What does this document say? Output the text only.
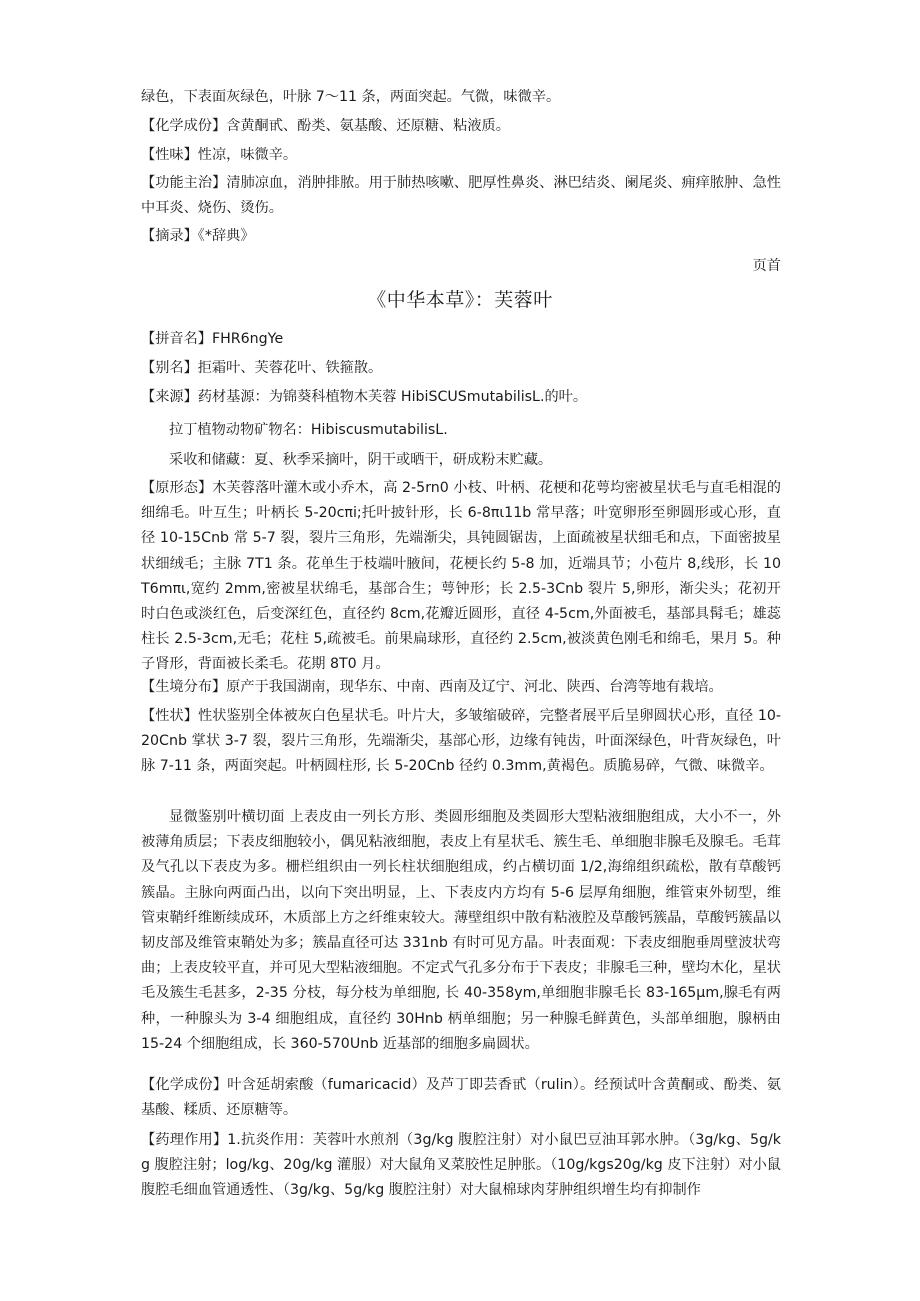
绿色，下表面灰绿色，叶脉 7～11 条，两面突起。气微，味微辛。

【化学成份】含黄酮甙、酚类、氨基酸、还原糖、粘液质。

【性味】性凉，味微辛。

【功能主治】清肺凉血，消肿排脓。用于肺热咳嗽、肥厚性鼻炎、淋巴结炎、阑尾炎、痈痒脓肿、急性中耳炎、烧伤、烫伤。

【摘录】《*辞典》

页首
《中华本草》：芙蓉叶

【拼音名】FHR6ngYe

【别名】拒霜叶、芙蓉花叶、铁箍散。

【来源】药材基源：为锦葵科植物木芙蓉 HibiSCUSmutabilisL.的叶。

拉丁植物动物矿物名：HibiscusmutabilisL.

采收和储藏：夏、秋季采摘叶，阴干或晒干，研成粉末贮藏。

【原形态】木芙蓉落叶灌木或小乔木，高 2-5rn0 小枝、叶柄、花梗和花萼均密被星状毛与直毛相混的细绵毛。叶互生；叶柄长 5-20cπi;托叶披针形，长 6-8πι11b 常早落；叶宽卵形至卵圆形或心形，直径 10-15Cnb 常 5-7 裂，裂片三角形，先端渐尖，具钝圆锯齿，上面疏被星状细毛和点，下面密披星状细绒毛；主脉 7T1 条。花单生于枝端叶腋间，花梗长约 5-8 加，近端具节；小苞片 8,线形，长 10T6mπι,宽约 2mm,密被星状绵毛，基部合生；萼钟形；长 2.5-3Cnb 裂片 5,卵形，渐尖头；花初开时白色或淡红色，后变深红色，直径约 8cm,花瓣近圆形，直径 4-5cm,外面被毛，基部具髯毛；雄蕊柱长 2.5-3cm,无毛；花柱 5,疏被毛。前果扁球形，直径约 2.5cm,被淡黄色刚毛和绵毛，果月 5。种子肾形，背面被长柔毛。花期 8T0 月。

【生境分布】原产于我国湖南，现华东、中南、西南及辽宁、河北、陕西、台湾等地有栽培。

【性状】性状鉴别全体被灰白色星状毛。叶片大，多皱缩破碎，完整者展平后呈卵圆状心形，直径 10-20Cnb 掌状 3-7 裂，裂片三角形，先端渐尖，基部心形，边缘有钝齿，叶面深绿色，叶背灰绿色，叶脉 7-11 条，两面突起。叶柄圆柱形, 长 5-20Cnb 径约 0.3mm,黄褐色。质脆易碎，气微、味微辛。

显微鉴别叶横切面 上表皮由一列长方形、类圆形细胞及类圆形大型粘液细胞组成，大小不一，外被薄角质层；下表皮细胞较小，偶见粘液细胞，表皮上有星状毛、簇生毛、单细胞非腺毛及腺毛。毛茸及气孔以下表皮为多。栅栏组织由一列长柱状细胞组成，约占横切面 1/2,海绵组织疏松，散有草酸钙簇晶。主脉向两面凸出，以向下突出明显，上、下表皮内方均有 5-6 层厚角细胞，维管束外韧型，维管束鞘纤维断续成环，木质部上方之纤维束较大。薄壁组织中散有粘液腔及草酸钙簇晶，草酸钙簇晶以韧皮部及维管束鞘处为多；簇晶直径可达 331nb 有时可见方晶。叶表面观：下表皮细胞垂周壁波状弯曲；上表皮较平直，并可见大型粘液细胞。不定式气孔多分布于下表皮；非腺毛三种，壁均木化，星状毛及簇生毛甚多，2-35 分枝，每分枝为单细胞, 长 40-358ym,单细胞非腺毛长 83-165μm,腺毛有两种，一种腺头为 3-4 细胞组成，直径约 30Hnb 柄单细胞；另一种腺毛鲜黄色，头部单细胞，腺柄由 15-24 个细胞组成，长 360-570Unb 近基部的细胞多扁圆状。

【化学成份】叶含延胡索酸（fumaricacid）及芦丁即芸香甙（rulin）。经预试叶含黄酮或、酚类、氨基酸、糅质、还原糖等。

【药理作用】1.抗炎作用：芙蓉叶水煎剂（3g/kg 腹腔注射）对小鼠巴豆油耳郭水肿。（3g/kg、5g∕kg 腹腔注射；log/kg、20g∕kg 灌服）对大鼠角叉菜胶性足肿胀。（10g∕kgs20g∕kg 皮下注射）对小鼠腹腔毛细血管通透性、（3g/kg、5g∕kg 腹腔注射）对大鼠棉球肉芽肿组织增生均有抑制作
